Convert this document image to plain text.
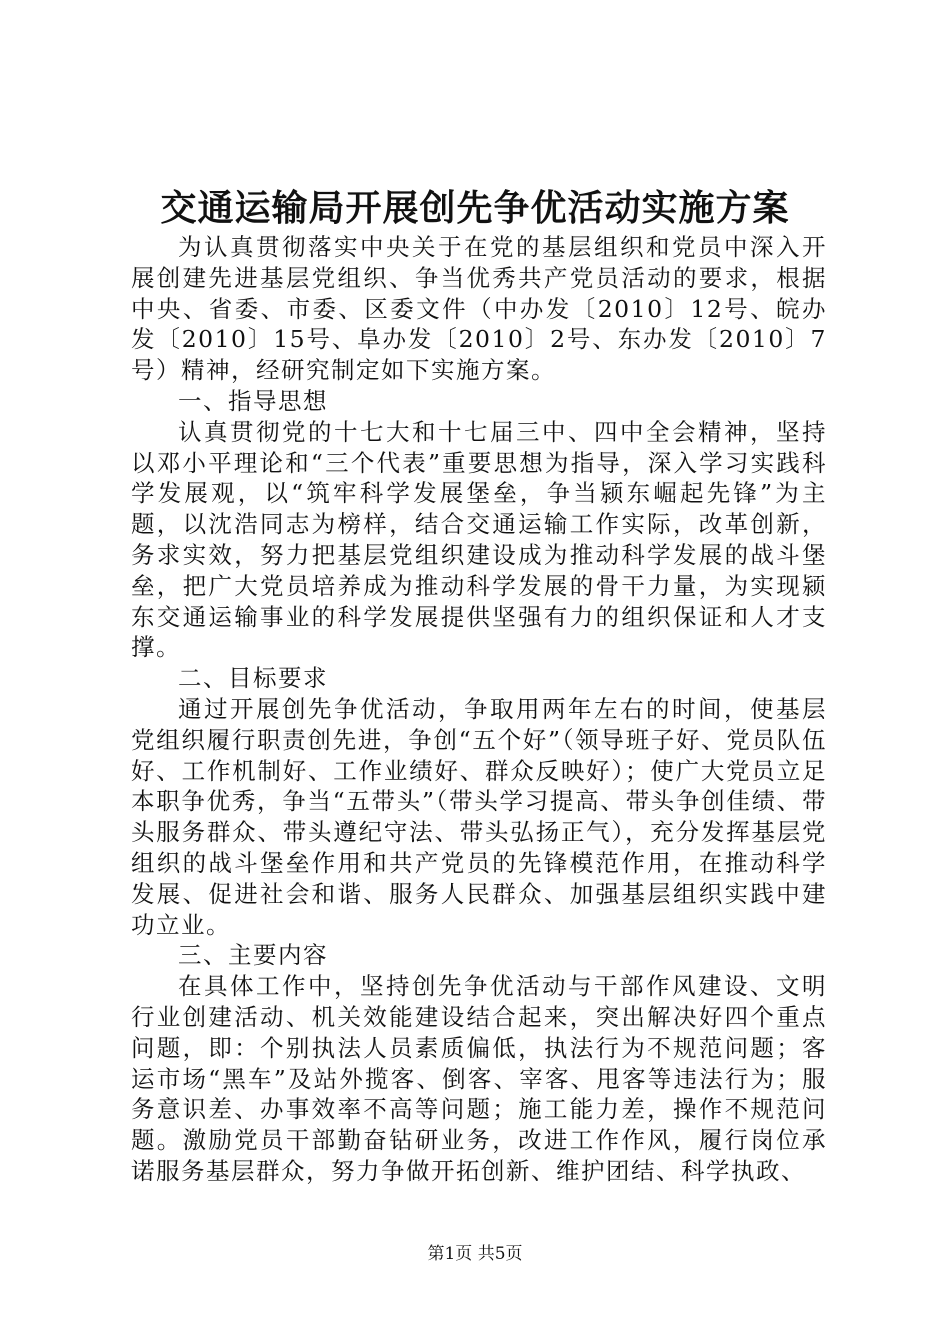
交通运输局开展创先争优活动实施方案

为认真贯彻落实中央关于在党的基层组织和党员中深入开展创建先进基层党组织、争当优秀共产党员活动的要求，根据中央、省委、市委、区委文件（中办发〔2010〕12号、皖办发〔2010〕15号、阜办发〔2010〕2号、东办发〔2010〕7号）精神，经研究制定如下实施方案。

一、指导思想

认真贯彻党的十七大和十七届三中、四中全会精神，坚持以邓小平理论和“三个代表”重要思想为指导，深入学习实践科学发展观，以“筑牢科学发展堡垒，争当颍东崛起先锋”为主题，以沈浩同志为榜样，结合交通运输工作实际，改革创新，务求实效，努力把基层党组织建设成为推动科学发展的战斗堡垒，把广大党员培养成为推动科学发展的骨干力量，为实现颍东交通运输事业的科学发展提供坚强有力的组织保证和人才支撑。

二、目标要求

通过开展创先争优活动，争取用两年左右的时间，使基层党组织履行职责创先进，争创“五个好”（领导班子好、党员队伍好、工作机制好、工作业绩好、群众反映好）；使广大党员立足本职争优秀，争当“五带头”（带头学习提高、带头争创佳绩、带头服务群众、带头遵纪守法、带头弘扬正气），充分发挥基层党组织的战斗堡垒作用和共产党员的先锋模范作用，在推动科学发展、促进社会和谐、服务人民群众、加强基层组织实践中建功立业。

三、主要内容

在具体工作中，坚持创先争优活动与干部作风建设、文明行业创建活动、机关效能建设结合起来，突出解决好四个重点问题，即：个别执法人员素质偏低，执法行为不规范问题；客运市场“黑车”及站外揽客、倒客、宰客、甩客等违法行为；服务意识差、办事效率不高等问题；施工能力差，操作不规范问题。激励党员干部勤奋钻研业务，改进工作作风，履行岗位承诺服务基层群众，努力争做开拓创新、维护团结、科学执政、

第1页 共5页
